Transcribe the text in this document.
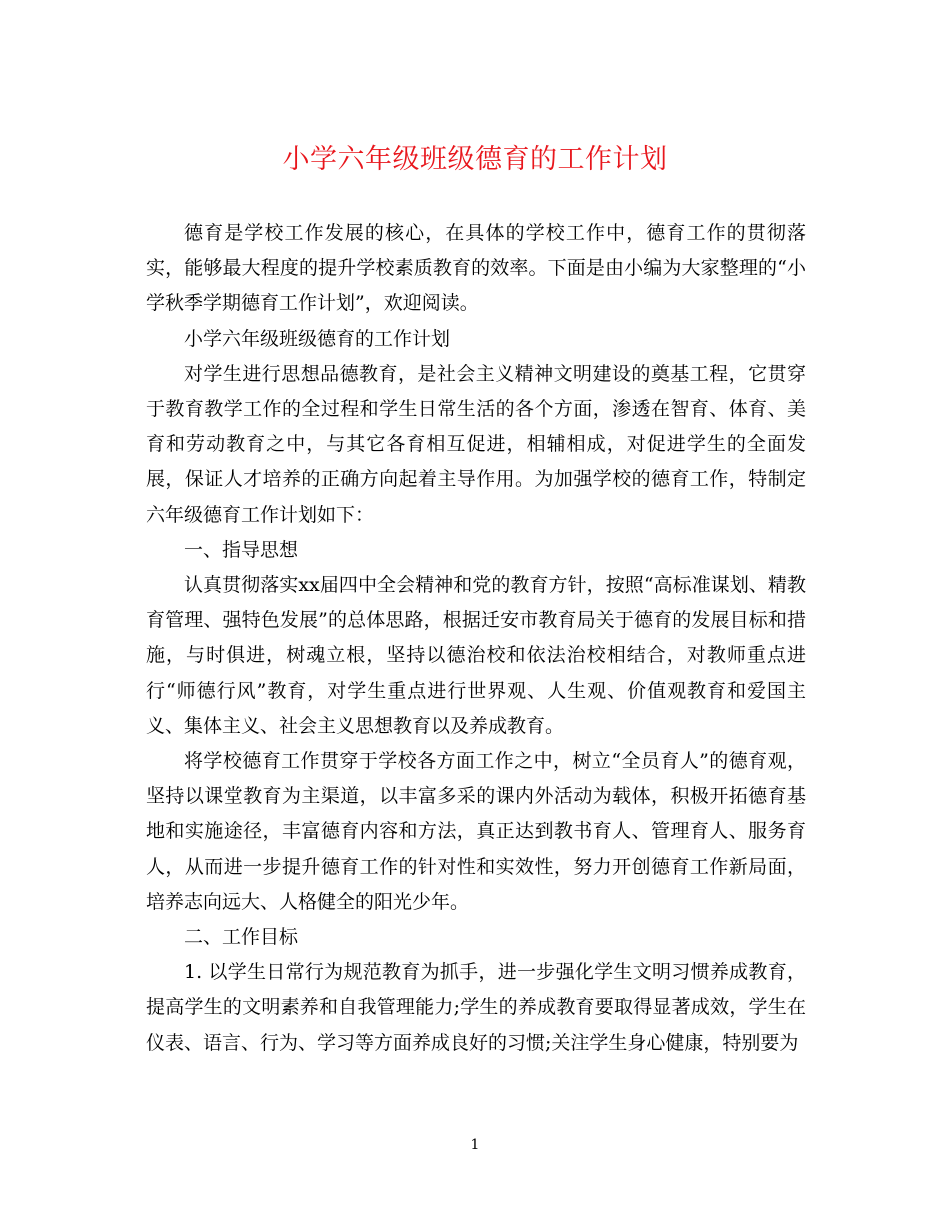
小学六年级班级德育的工作计划

德育是学校工作发展的核心，在具体的学校工作中，德育工作的贯彻落实，能够最大程度的提升学校素质教育的效率。下面是由小编为大家整理的“小学秋季学期德育工作计划”，欢迎阅读。

小学六年级班级德育的工作计划

对学生进行思想品德教育，是社会主义精神文明建设的奠基工程，它贯穿于教育教学工作的全过程和学生日常生活的各个方面，渗透在智育、体育、美育和劳动教育之中，与其它各育相互促进，相辅相成，对促进学生的全面发展，保证人才培养的正确方向起着主导作用。为加强学校的德育工作，特制定六年级德育工作计划如下：

一、指导思想

认真贯彻落实xx届四中全会精神和党的教育方针，按照“高标准谋划、精教育管理、强特色发展”的总体思路，根据迁安市教育局关于德育的发展目标和措施，与时俱进，树魂立根，坚持以德治校和依法治校相结合，对教师重点进行“师德行风”教育，对学生重点进行世界观、人生观、价值观教育和爱国主义、集体主义、社会主义思想教育以及养成教育。

将学校德育工作贯穿于学校各方面工作之中，树立“全员育人”的德育观，坚持以课堂教育为主渠道，以丰富多采的课内外活动为载体，积极开拓德育基地和实施途径，丰富德育内容和方法，真正达到教书育人、管理育人、服务育人，从而进一步提升德育工作的针对性和实效性，努力开创德育工作新局面，培养志向远大、人格健全的阳光少年。

二、工作目标

1. 以学生日常行为规范教育为抓手，进一步强化学生文明习惯养成教育，提高学生的文明素养和自我管理能力;学生的养成教育要取得显著成效，学生在仪表、语言、行为、学习等方面养成良好的习惯;关注学生身心健康，特别要为

1
